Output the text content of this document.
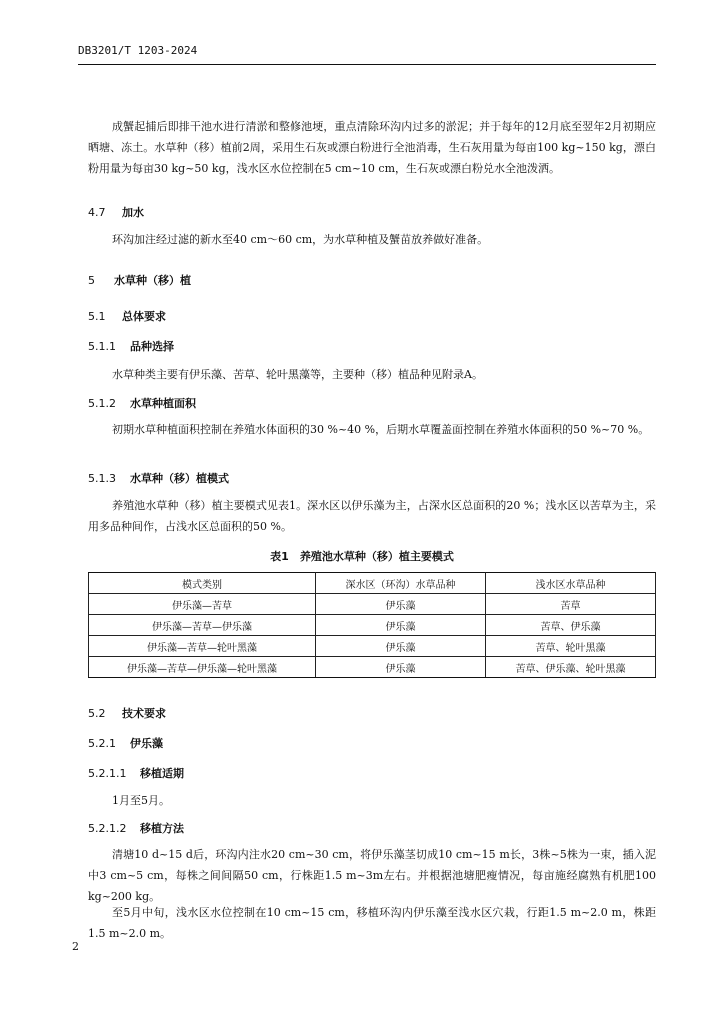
DB3201/T 1203-2024
成蟹起捕后即排干池水进行清淤和整修池埂，重点清除环沟内过多的淤泥；并于每年的12月底至翌年2月初期应晒塘、冻土。水草种（移）植前2周，采用生石灰或漂白粉进行全池消毒，生石灰用量为每亩100 kg~150 kg，漂白粉用量为每亩30 kg~50 kg，浅水区水位控制在5 cm~10 cm，生石灰或漂白粉兑水全池泼洒。
4.7 加水
环沟加注经过滤的新水至40 cm～60 cm，为水草种植及蟹苗放养做好准备。
5 水草种（移）植
5.1 总体要求
5.1.1 品种选择
水草种类主要有伊乐藻、苦草、轮叶黑藻等，主要种（移）植品种见附录A。
5.1.2 水草种植面积
初期水草种植面积控制在养殖水体面积的30 %~40 %，后期水草覆盖面控制在养殖水体面积的50 %~70 %。
5.1.3 水草种（移）植模式
养殖池水草种（移）植主要模式见表1。深水区以伊乐藻为主，占深水区总面积的20 %；浅水区以苦草为主，采用多品种间作，占浅水区总面积的50 %。
表1　养殖池水草种（移）植主要模式
模式类别	深水区（环沟）水草品种	浅水区水草品种
伊乐藻—苦草	伊乐藻	苦草
伊乐藻—苦草—伊乐藻	伊乐藻	苦草、伊乐藻
伊乐藻—苦草—轮叶黑藻	伊乐藻	苦草、轮叶黑藻
伊乐藻—苦草—伊乐藻—轮叶黑藻	伊乐藻	苦草、伊乐藻、轮叶黑藻
5.2 技术要求
5.2.1 伊乐藻
5.2.1.1 移植适期
1月至5月。
5.2.1.2 移植方法
清塘10 d~15 d后，环沟内注水20 cm~30 cm，将伊乐藻茎切成10 cm~15 m长，3株~5株为一束，插入泥中3 cm~5 cm，每株之间间隔50 cm，行株距1.5 m~3m左右。并根据池塘肥瘦情况，每亩施经腐熟有机肥100 kg~200 kg。
至5月中旬，浅水区水位控制在10 cm~15 cm，移植环沟内伊乐藻至浅水区穴栽，行距1.5 m~2.0 m，株距1.5 m~2.0 m。
2
